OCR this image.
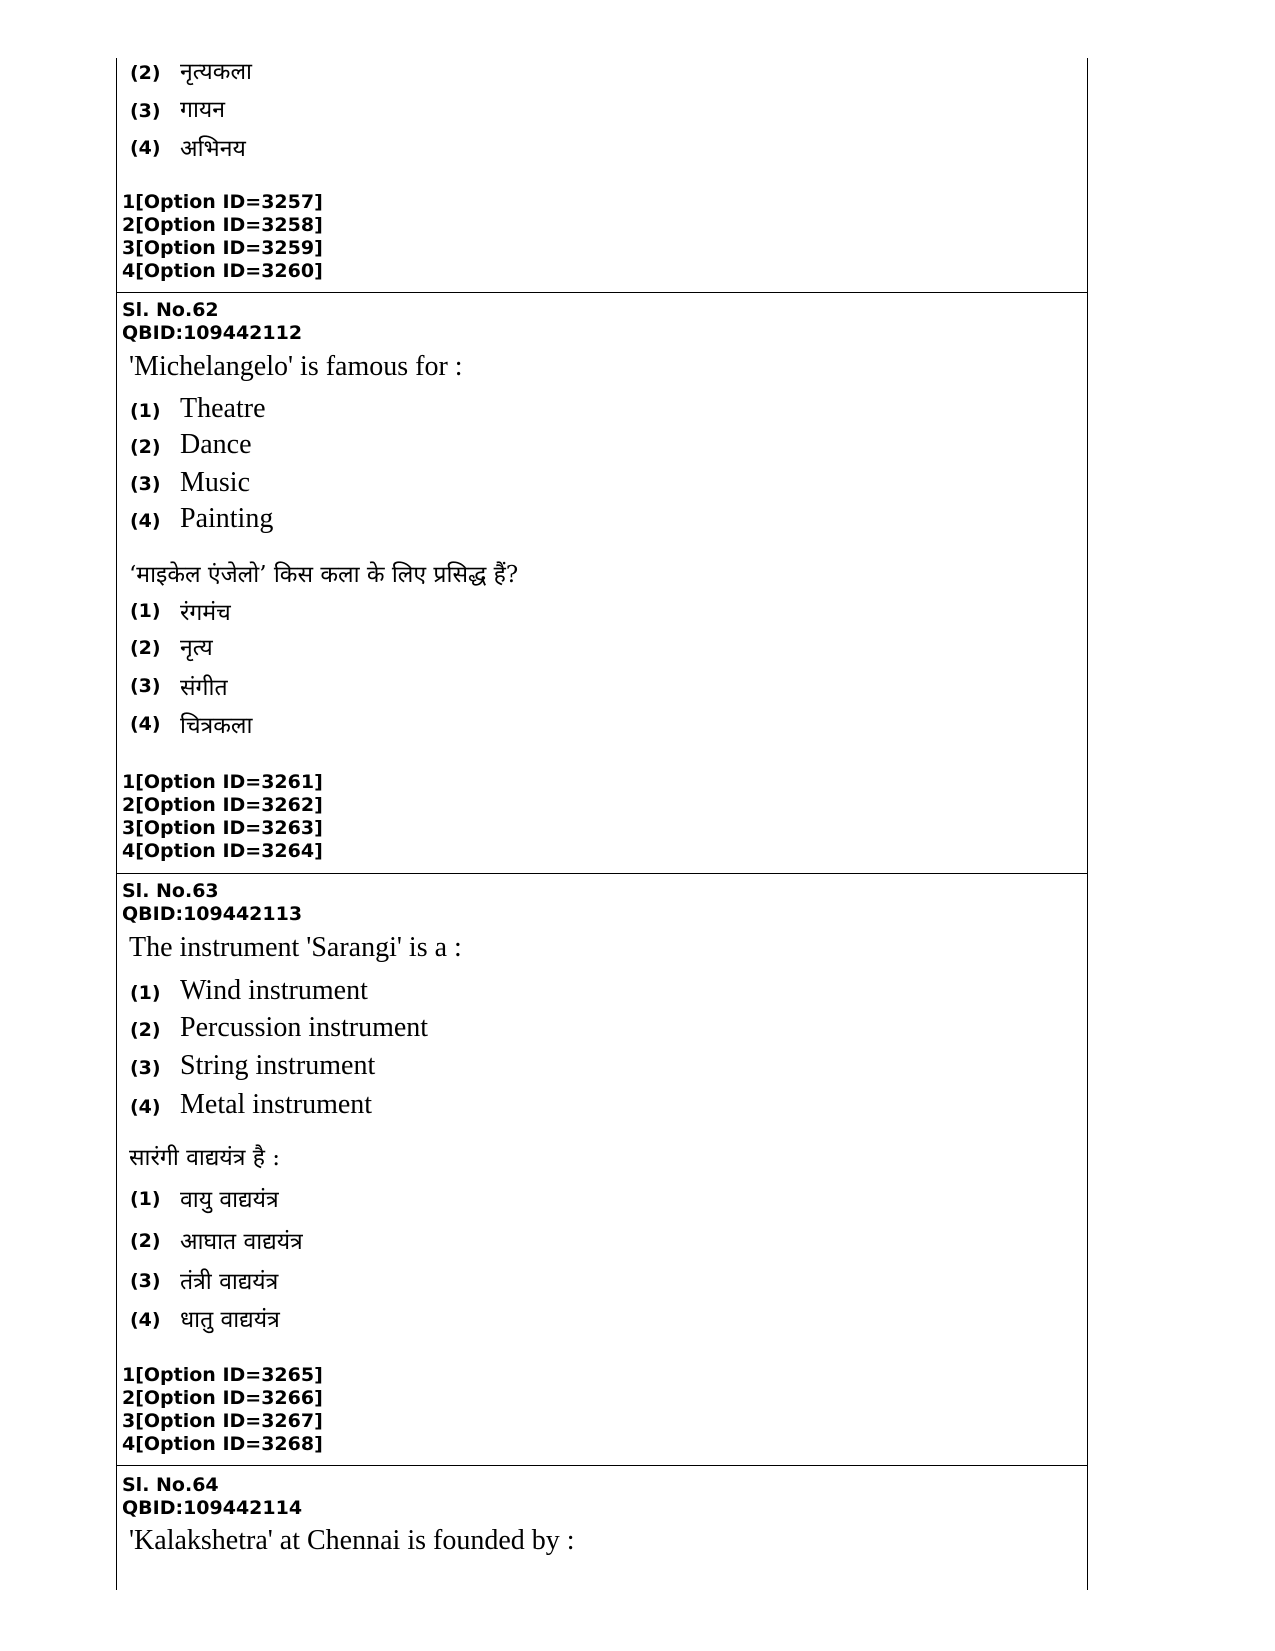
(2) नृत्यकला
(3) गायन
(4) अभिनय
1[Option ID=3257]
2[Option ID=3258]
3[Option ID=3259]
4[Option ID=3260]
Sl. No.62
QBID:109442112
'Michelangelo' is famous for :
(1) Theatre
(2) Dance
(3) Music
(4) Painting
‘माइकेल एंजेलो’ किस कला के लिए प्रसिद्ध हैं?
(1) रंगमंच
(2) नृत्य
(3) संगीत
(4) चित्रकला
1[Option ID=3261]
2[Option ID=3262]
3[Option ID=3263]
4[Option ID=3264]
Sl. No.63
QBID:109442113
The instrument 'Sarangi' is a :
(1) Wind instrument
(2) Percussion instrument
(3) String instrument
(4) Metal instrument
सारंगी वाद्ययंत्र है :
(1) वायु वाद्ययंत्र
(2) आघात वाद्ययंत्र
(3) तंत्री वाद्ययंत्र
(4) धातु वाद्ययंत्र
1[Option ID=3265]
2[Option ID=3266]
3[Option ID=3267]
4[Option ID=3268]
Sl. No.64
QBID:109442114
'Kalakshetra' at Chennai is founded by :
